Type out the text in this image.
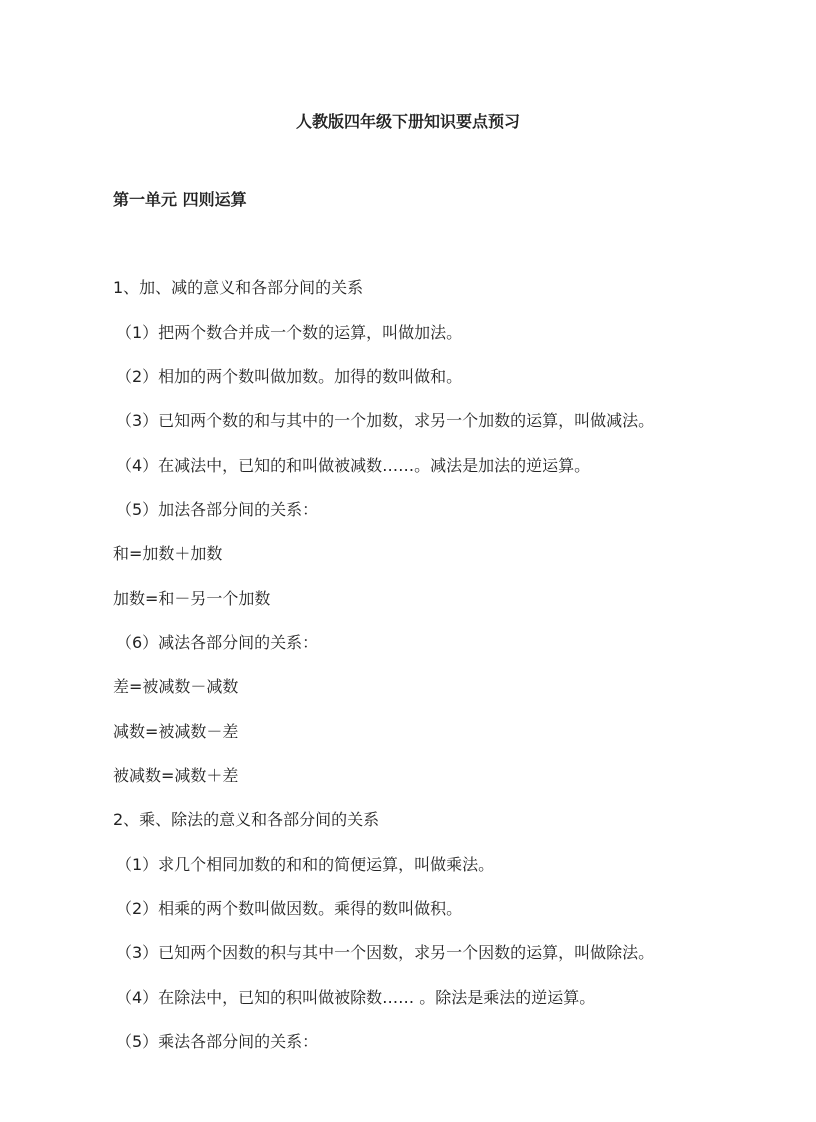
人教版四年级下册知识要点预习
第一单元 四则运算
1、加、减的意义和各部分间的关系
（1）把两个数合并成一个数的运算，叫做加法。
（2）相加的两个数叫做加数。加得的数叫做和。
（3）已知两个数的和与其中的一个加数，求另一个加数的运算，叫做减法。
（4）在减法中，已知的和叫做被减数……。减法是加法的逆运算。
（5）加法各部分间的关系：
和=加数＋加数
加数=和－另一个加数
（6）减法各部分间的关系：
差=被减数－减数
减数=被减数－差
被减数=减数＋差
2、乘、除法的意义和各部分间的关系
（1）求几个相同加数的和和的简便运算，叫做乘法。
（2）相乘的两个数叫做因数。乘得的数叫做积。
（3）已知两个因数的积与其中一个因数，求另一个因数的运算，叫做除法。
（4）在除法中，已知的积叫做被除数…… 。除法是乘法的逆运算。
（5）乘法各部分间的关系：
